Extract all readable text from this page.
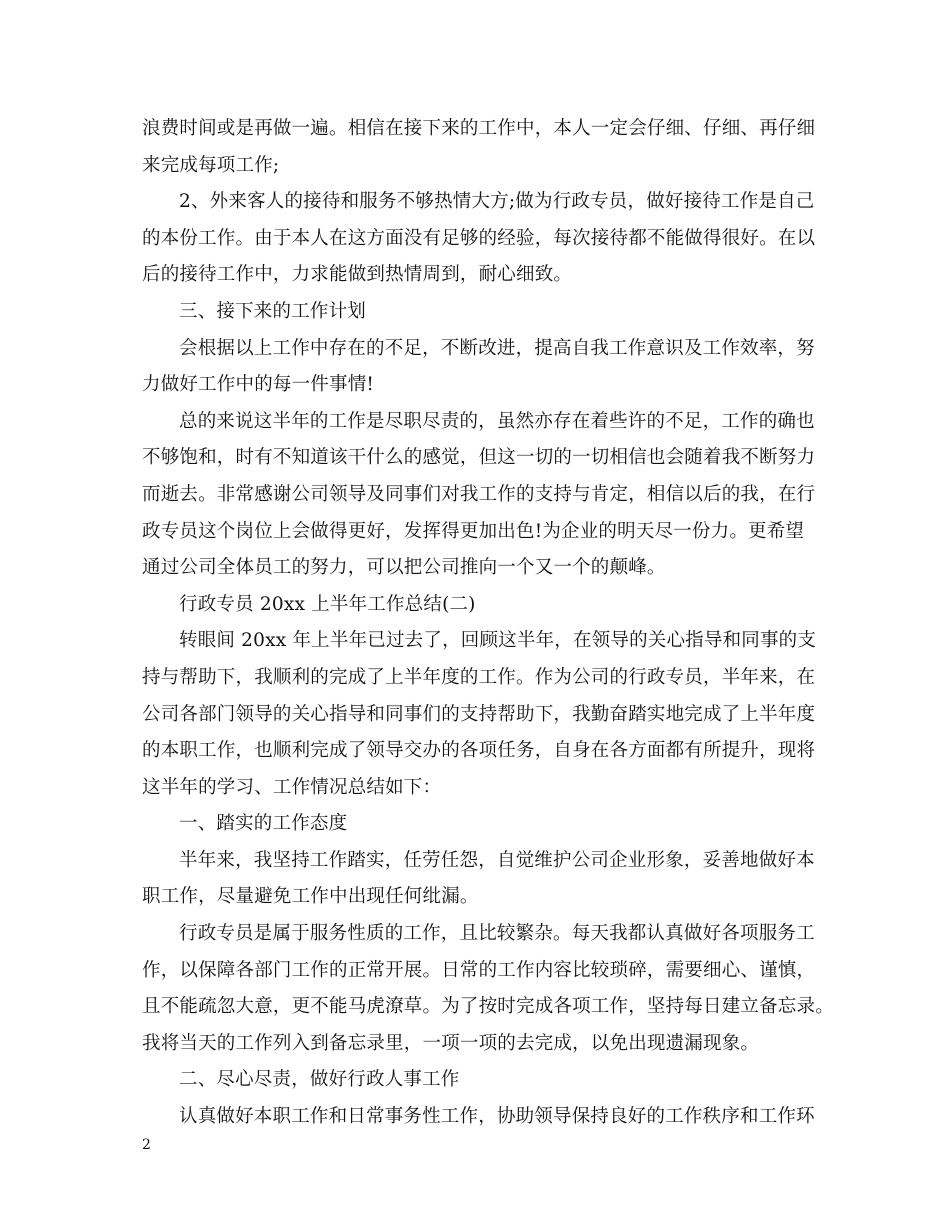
浪费时间或是再做一遍。相信在接下来的工作中，本人一定会仔细、仔细、再仔细
来完成每项工作;
2、外来客人的接待和服务不够热情大方;做为行政专员，做好接待工作是自己
的本份工作。由于本人在这方面没有足够的经验，每次接待都不能做得很好。在以
后的接待工作中，力求能做到热情周到，耐心细致。
三、接下来的工作计划
会根据以上工作中存在的不足，不断改进，提高自我工作意识及工作效率，努
力做好工作中的每一件事情!
总的来说这半年的工作是尽职尽责的，虽然亦存在着些许的不足，工作的确也
不够饱和，时有不知道该干什么的感觉，但这一切的一切相信也会随着我不断努力
而逝去。非常感谢公司领导及同事们对我工作的支持与肯定，相信以后的我，在行
政专员这个岗位上会做得更好，发挥得更加出色!为企业的明天尽一份力。更希望
通过公司全体员工的努力，可以把公司推向一个又一个的颠峰。
行政专员 20xx 上半年工作总结(二)
转眼间 20xx 年上半年已过去了，回顾这半年，在领导的关心指导和同事的支
持与帮助下，我顺利的完成了上半年度的工作。作为公司的行政专员，半年来，在
公司各部门领导的关心指导和同事们的支持帮助下，我勤奋踏实地完成了上半年度
的本职工作，也顺利完成了领导交办的各项任务，自身在各方面都有所提升，现将
这半年的学习、工作情况总结如下：
一、踏实的工作态度
半年来，我坚持工作踏实，任劳任怨，自觉维护公司企业形象，妥善地做好本
职工作，尽量避免工作中出现任何纰漏。
行政专员是属于服务性质的工作，且比较繁杂。每天我都认真做好各项服务工
作，以保障各部门工作的正常开展。日常的工作内容比较琐碎，需要细心、谨慎，
且不能疏忽大意，更不能马虎潦草。为了按时完成各项工作，坚持每日建立备忘录。
我将当天的工作列入到备忘录里，一项一项的去完成，以免出现遗漏现象。
二、尽心尽责，做好行政人事工作
认真做好本职工作和日常事务性工作，协助领导保持良好的工作秩序和工作环
2
